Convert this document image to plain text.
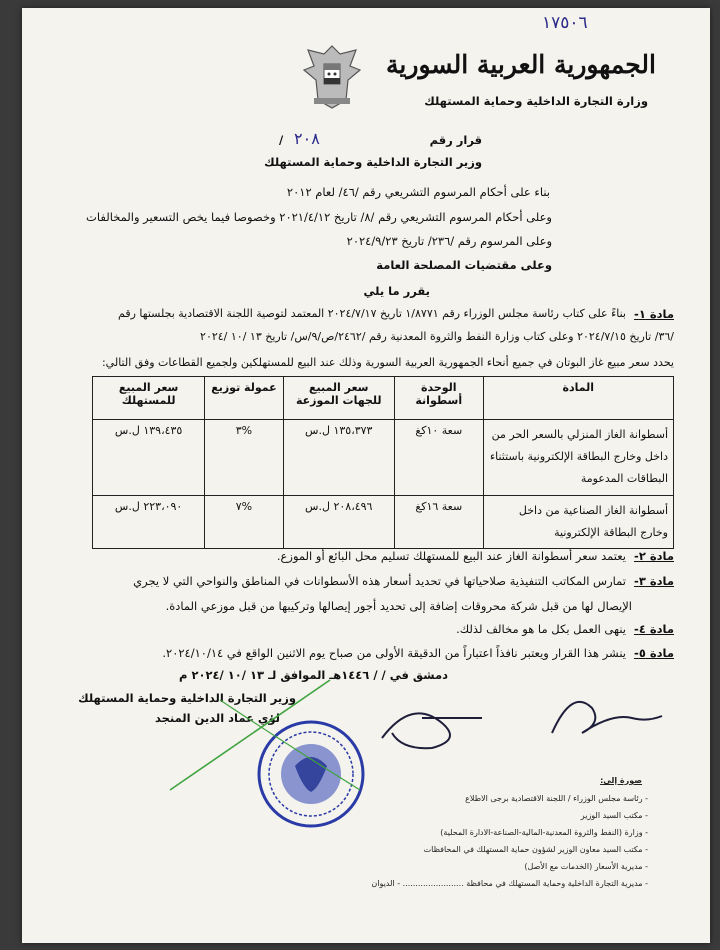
١٧٥٠٦
الجمهورية العربية السورية
وزارة التجارة الداخلية وحماية المستهلك
قرار رقم
٢٠٨
/
وزير التجارة الداخلية وحماية المستهلك
بناء على أحكام المرسوم التشريعي رقم /٤٦/ لعام ٢٠١٢
وعلى أحكام المرسوم التشريعي رقم /٨/ تاريخ ٢٠٢١/٤/١٢ وخصوصا فيما يخص التسعير والمخالفات
وعلى المرسوم رقم /٢٣٦/ تاريخ ٢٠٢٤/٩/٢٣
وعلى مقتضيات المصلحة العامة
يقرر ما يلي
مادة ١-
بناءً على كتاب رئاسة مجلس الوزراء رقم ١/٨٧٧١ تاريخ ٢٠٢٤/٧/١٧ المعتمد لتوصية اللجنة الاقتصادية بجلستها رقم
/٣٦/ تاريخ ٢٠٢٤/٧/١٥ وعلى كتاب وزارة النفط والثروة المعدنية رقم /٢٤٦٢/ص/٩/س/ تاريخ ١٣ /١٠ /٢٠٢٤
يحدد سعر مبيع غاز البوتان في جميع أنحاء الجمهورية العربية السورية وذلك عند البيع للمستهلكين ولجميع القطاعات وفق التالي:
المادة	الوحدة أسطوانة	سعر المبيع للجهات الموزعة	عمولة توزيع	سعر المبيع للمستهلك
أسطوانة الغاز المنزلي بالسعر الحر من داخل وخارج البطاقة الإلكترونية باستثناء البطاقات المدعومة	سعة ١٠كغ	١٣٥،٣٧٣ ل.س	%٣	١٣٩،٤٣٥ ل.س
أسطوانة الغاز الصناعية من داخل وخارج البطاقة الإلكترونية	سعة ١٦كغ	٢٠٨،٤٩٦ ل.س	%٧	٢٢٣،٠٩٠ ل.س
مادة ٢-
يعتمد سعر أسطوانة الغاز عند البيع للمستهلك تسليم محل البائع أو الموزع.
مادة ٣-
تمارس المكاتب التنفيذية صلاحياتها في تحديد أسعار هذه الأسطوانات في المناطق والنواحي التي لا يجري
الإيصال لها من قبل شركة محروقات إضافة إلى تحديد أجور إيصالها وتركيبها من قبل موزعي المادة.
مادة ٤-
ينهى العمل بكل ما هو مخالف لذلك.
مادة ٥-
ينشر هذا القرار ويعتبر نافذاً اعتباراً من الدقيقة الأولى من صباح يوم الاثنين الواقع في ٢٠٢٤/١٠/١٤.
دمشق في / / ١٤٤٦هـ الموافق لـ ١٣ /١٠ /٢٠٢٤ م
وزير التجارة الداخلية وحماية المستهلك
لؤي عماد الدين المنجد
صورة إلى:
- رئاسة مجلس الوزراء / اللجنة الاقتصادية برجى الاطلاع
- مكتب السيد الوزير
- وزارة (النفط والثروة المعدنية-المالية-الصناعة-الادارة المحلية)
- مكتب السيد معاون الوزير لشؤون حماية المستهلك في المحافظات
- مديرية الأسعار (الخدمات مع الأصل)
- مديرية التجارة الداخلية وحماية المستهلك في محافظة ........................ - الديوان
